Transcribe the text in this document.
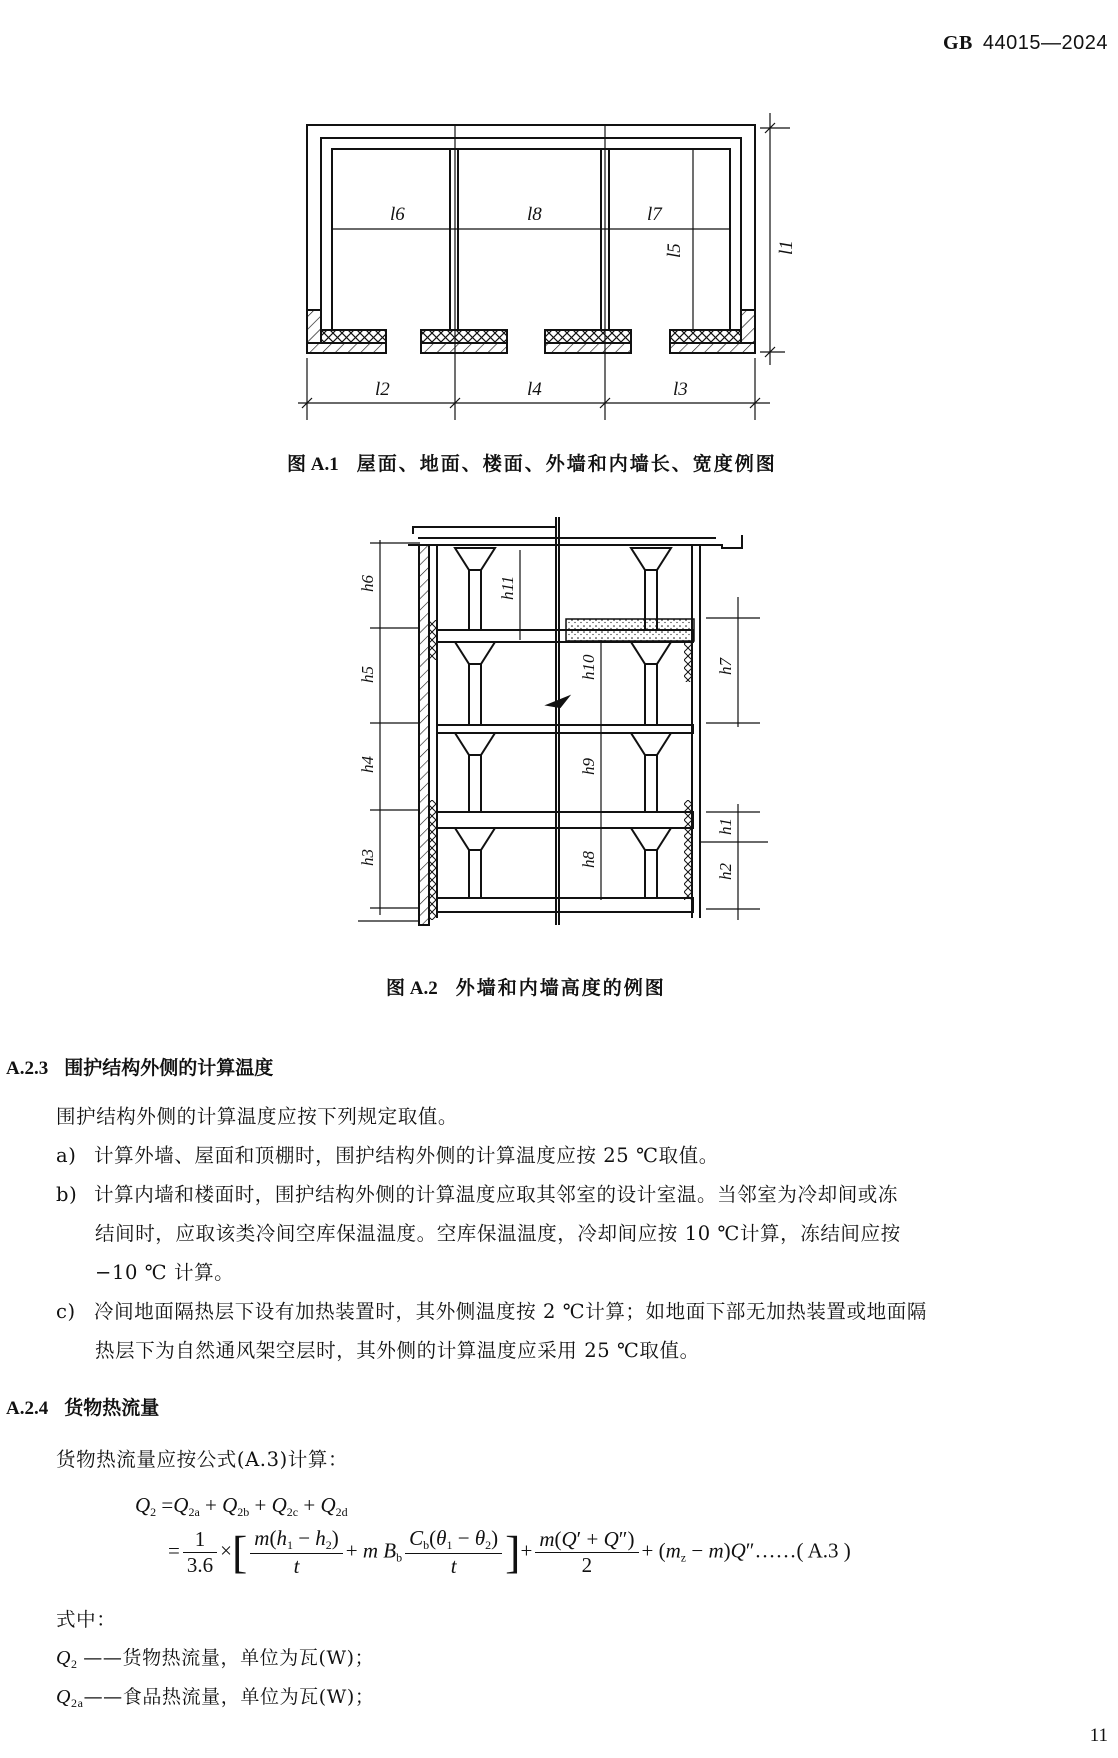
GB 44015—2024
l6	l8	l7
l2	l4	l3
l5	l1
图 A.1 屋面、地面、楼面、外墙和内墙长、宽度例图
h6
h5
h4
h3
h11
h10
h9
h8
h7
h1
h2
图 A.2 外墙和内墙高度的例图
A.2.3 围护结构外侧的计算温度
围护结构外侧的计算温度应按下列规定取值。
a) 计算外墙、屋面和顶棚时，围护结构外侧的计算温度应按 25 ℃取值。
b) 计算内墙和楼面时，围护结构外侧的计算温度应取其邻室的设计室温。当邻室为冷却间或冻
结间时，应取该类冷间空库保温温度。空库保温温度，冷却间应按 10 ℃计算，冻结间应按
−10 ℃ 计算。
c) 冷间地面隔热层下设有加热装置时，其外侧温度按 2 ℃计算；如地面下部无加热装置或地面隔
热层下为自然通风架空层时，其外侧的计算温度应采用 25 ℃取值。
A.2.4 货物热流量
货物热流量应按公式(A.3)计算：
$Q_2 =Q_{2a} + Q_{2b} + Q_{2c} + Q_{2d}$
= $\frac{1}{3.6}$ ×[ $\frac{m(h_1 - h_2)}{t} + m$ $B_b \frac{C_b(\theta_1 - \theta_2)}{t}$ ]+ $\frac{m(Q' + Q'')}{2} + (m_z$ − m)Q″……( A.3 )
式中：
$Q_2$ ——货物热流量，单位为瓦(W)；
$Q_{2a}——$食品热流量，单位为瓦(W)；
11
